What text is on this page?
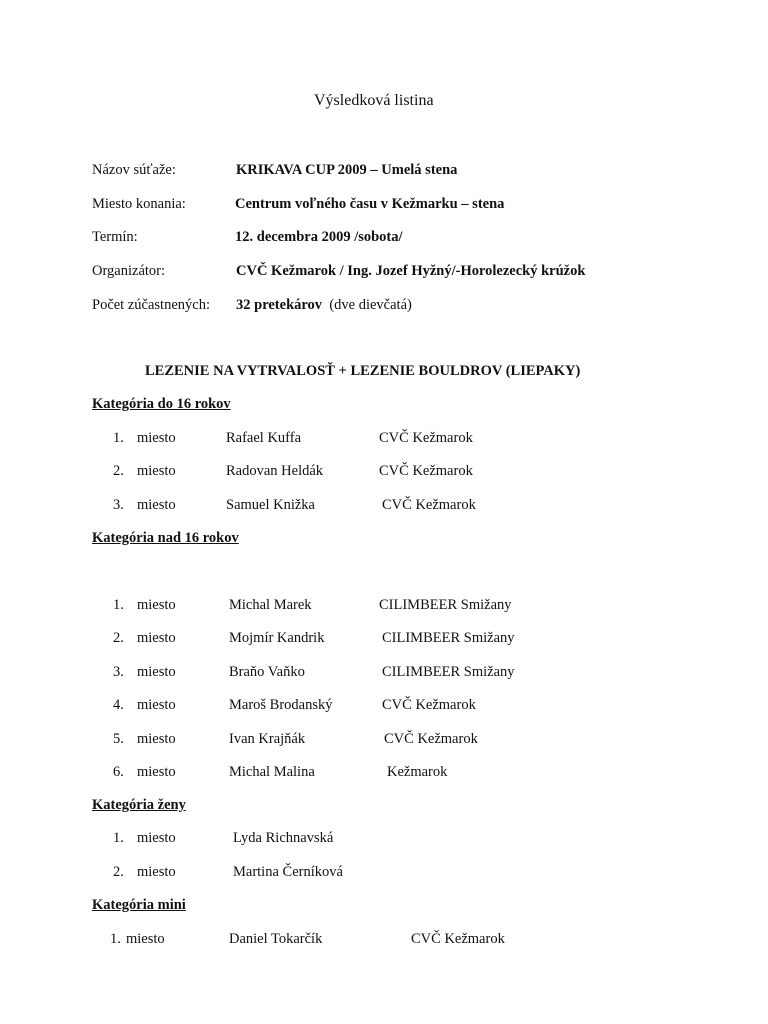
Výsledková listina
Názov súťaže:	KRIKAVA CUP 2009 – Umelá stena
Miesto konania:	Centrum voľného času v Kežmarku – stena
Termín:	12. decembra 2009 /sobota/
Organizátor:	CVČ Kežmarok / Ing. Jozef Hyžný/-Horolezecký krúžok
Počet zúčastnených: 32 pretekárov (dve dievčatá)
LEZENIE NA VYTRVALOSŤ + LEZENIE BOULDROV (LIEPAKY)
Kategória do 16 rokov
1. miesto	Rafael Kuffa	CVČ Kežmarok
2. miesto	Radovan Heldák	CVČ Kežmarok
3. miesto	Samuel Knižka	CVČ Kežmarok
Kategória nad 16 rokov
1. miesto	Michal Marek	CILIMBEER Smižany
2. miesto	Mojmír Kandrik	CILIMBEER Smižany
3. miesto	Braňo Vaňko	CILIMBEER Smižany
4. miesto	Maroš Brodanský	CVČ Kežmarok
5. miesto	Ivan Krajňák	CVČ Kežmarok
6. miesto	Michal Malina	Kežmarok
Kategória ženy
1. miesto	Lyda Richnavská
2. miesto	Martina Černíková
Kategória mini
1. miesto	Daniel Tokarčík	CVČ Kežmarok
